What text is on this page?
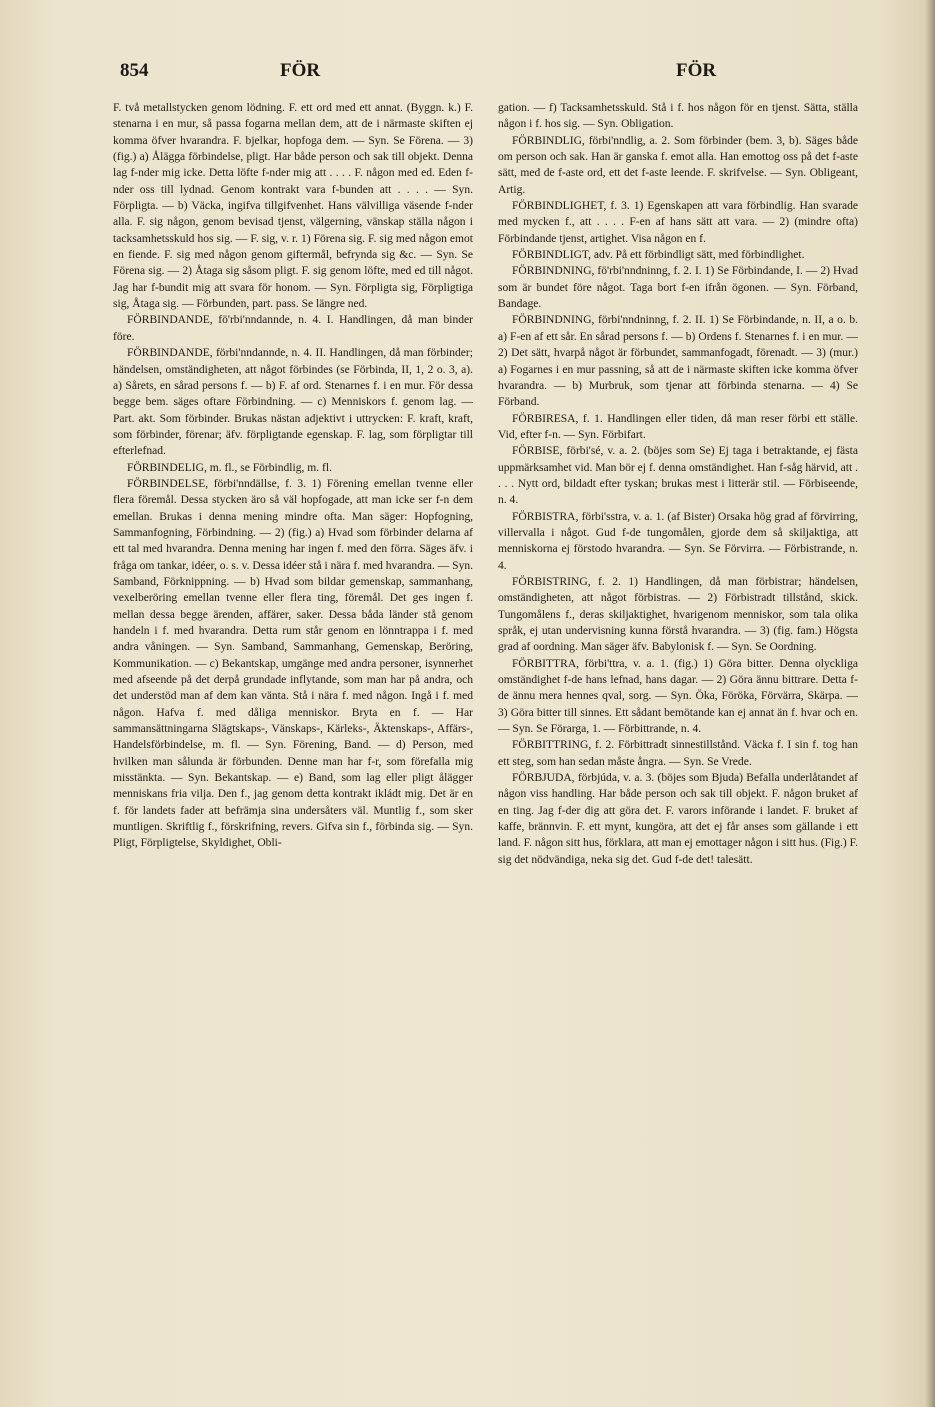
854	FÖR	FÖR

F. två metallstycken genom lödning. F. ett ord med ett annat. (Byggn. k.) F. stenarna i en mur, så passa fogarna mellan dem, att de i närmaste skiften ej komma öfver hvarandra. F. bjelkar, hopfoga dem. — Syn. Se Förena. — 3) (fig.) a) Ålägga förbindelse, pligt. Har både person och sak till objekt. Denna lag f-nder mig icke. Detta löfte f-nder mig att . . . . F. någon med ed. Eden f-nder oss till lydnad. Genom kontrakt vara f-bunden att . . . . — Syn. Förpligta. — b) Väcka, ingifva tillgifvenhet. Hans välvilliga väsende f-nder alla. F. sig någon, genom bevisad tjenst, välgerning, vänskap ställa någon i tacksamhetsskuld hos sig. — F. sig, v. r. 1) Förena sig. F. sig med någon emot en fiende. F. sig med någon genom giftermål, befrynda sig &c. — Syn. Se Förena sig. — 2) Åtaga sig såsom pligt. F. sig genom löfte, med ed till något. Jag har f-bundit mig att svara för honom. — Syn. Förpligta sig, Förpligtiga sig, Åtaga sig. — Förbunden, part. pass. Se längre ned.

FÖRBINDANDE, fö'rbi'nndannde, n. 4. I. Handlingen, då man binder före.

FÖRBINDANDE, förbi'nndannde, n. 4. II. Handlingen, då man förbinder; händelsen, omständigheten, att något förbindes (se Förbinda, II, 1, 2 o. 3, a). a) Sårets, en sårad persons f. — b) F. af ord. Stenarnes f. i en mur. För dessa begge bem. säges oftare Förbindning. — c) Menniskors f. genom lag. — Part. akt. Som förbinder. Brukas nästan adjektivt i uttrycken: F. kraft, kraft, som förbinder, förenar; äfv. förpligtande egenskap. F. lag, som förpligtar till efterlefnad.

FÖRBINDELIG, m. fl., se Förbindlig, m. fl.

FÖRBINDELSE, förbi'nndällse, f. 3. 1) Förening emellan tvenne eller flera föremål. Dessa stycken äro så väl hopfogade, att man icke ser f-n dem emellan. Brukas i denna mening mindre ofta. Man säger: Hopfogning, Sammanfogning, Förbindning. — 2) (fig.) a) Hvad som förbinder delarna af ett tal med hvarandra. Denna mening har ingen f. med den förra. Säges äfv. i fråga om tankar, idéer, o. s. v. Dessa idéer stå i nära f. med hvarandra. — Syn. Samband, Förknippning. — b) Hvad som bildar gemenskap, sammanhang, vexelberöring emellan tvenne eller flera ting, föremål. Det ges ingen f. mellan dessa begge ärenden, affärer, saker. Dessa båda länder stå genom handeln i f. med hvarandra. Detta rum står genom en lönntrappa i f. med andra våningen. — Syn. Samband, Sammanhang, Gemenskap, Beröring, Kommunikation. — c) Bekantskap, umgänge med andra personer, isynnerhet med afseende på det derpå grundade inflytande, som man har på andra, och det understöd man af dem kan vänta. Stå i nära f. med någon. Ingå i f. med någon. Hafva f. med dåliga menniskor. Bryta en f. — Har sammansättningarna Slägtskaps-, Vänskaps-, Kärleks-, Äktenskaps-, Affärs-, Handelsförbindelse, m. fl. — Syn. Förening, Band. — d) Person, med hvilken man sålunda är förbunden. Denne man har f-r, som förefalla mig misstänkta. — Syn. Bekantskap. — e) Band, som lag eller pligt ålägger menniskans fria vilja. Den f., jag genom detta kontrakt ikládt mig. Det är en f. för landets fader att befrämja sina undersåters väl. Muntlig f., som sker muntligen. Skriftlig f., förskrifning, revers. Gifva sin f., förbinda sig. — Syn. Pligt, Förpligtelse, Skyldighet, Obli-

gation. — f) Tacksamhetsskuld. Stå i f. hos någon för en tjenst. Sätta, ställa någon i f. hos sig. — Syn. Obligation.

FÖRBINDLIG, förbi'nndlig, a. 2. Som förbinder (bem. 3, b). Säges både om person och sak. Han är ganska f. emot alla. Han emottog oss på det f-aste sätt, med de f-aste ord, ett det f-aste leende. F. skrifvelse. — Syn. Obligeant, Artig.

FÖRBINDLIGHET, f. 3. 1) Egenskapen att vara förbindlig. Han svarade med mycken f., att . . . . F-en af hans sätt att vara. — 2) (mindre ofta) Förbindande tjenst, artighet. Visa någon en f.

FÖRBINDLIGT, adv. På ett förbindligt sätt, med förbindlighet.

FÖRBINDNING, fö'rbi'nndninng, f. 2. I. 1) Se Förbindande, I. — 2) Hvad som är bundet före något. Taga bort f-en ifrån ögonen. — Syn. Förband, Bandage.

FÖRBINDNING, förbi'nndninng, f. 2. II. 1) Se Förbindande, n. II, a o. b. a) F-en af ett sår. En sårad persons f. — b) Ordens f. Stenarnes f. i en mur. — 2) Det sätt, hvarpå något är förbundet, sammanfogadt, förenadt. — 3) (mur.) a) Fogarnes i en mur passning, så att de i närmaste skiften icke komma öfver hvarandra. — b) Murbruk, som tjenar att förbinda stenarna. — 4) Se Förband.

FÖRBIRESA, f. 1. Handlingen eller tiden, då man reser förbi ett ställe. Vid, efter f-n. — Syn. Förbifart.

FÖRBISE, förbi'sé, v. a. 2. (böjes som Se) Ej taga i betraktande, ej fästa uppmärksamhet vid. Man bör ej f. denna omständighet. Han f-såg härvid, att . . . . Nytt ord, bildadt efter tyskan; brukas mest i litterär stil. — Förbiseende, n. 4.

FÖRBISTRA, förbi'sstra, v. a. 1. (af Bister) Orsaka hög grad af förvirring, villervalla i något. Gud f-de tungomålen, gjorde dem så skiljaktiga, att menniskorna ej förstodo hvarandra. — Syn. Se Förvirra. — Förbistrande, n. 4.

FÖRBISTRING, f. 2. 1) Handlingen, då man förbistrar; händelsen, omständigheten, att något förbistras. — 2) Förbistradt tillstånd, skick. Tungomålens f., deras skiljaktighet, hvarigenom menniskor, som tala olika språk, ej utan undervisning kunna förstå hvarandra. — 3) (fig. fam.) Högsta grad af oordning. Man säger äfv. Babylonisk f. — Syn. Se Oordning.

FÖRBITTRA, förbi'ttra, v. a. 1. (fig.) 1) Göra bitter. Denna olyckliga omständighet f-de hans lefnad, hans dagar. — 2) Göra ännu bittrare. Detta f-de ännu mera hennes qval, sorg. — Syn. Öka, Föröka, Förvärra, Skärpa. — 3) Göra bitter till sinnes. Ett sådant bemötande kan ej annat än f. hvar och en. — Syn. Se Förarga, 1. — Förbittrande, n. 4.

FÖRBITTRING, f. 2. Förbittradt sinnestillstånd. Väcka f. I sin f. tog han ett steg, som han sedan måste ångra. — Syn. Se Vrede.

FÖRBJUDA, förbjúda, v. a. 3. (böjes som Bjuda) Befalla underlåtandet af någon viss handling. Har både person och sak till objekt. F. någon bruket af en ting. Jag f-der dig att göra det. F. varors införande i landet. F. bruket af kaffe, brännvin. F. ett mynt, kungöra, att det ej får anses som gällande i ett land. F. någon sitt hus, förklara, att man ej emottager någon i sitt hus. (Fig.) F. sig det nödvändiga, neka sig det. Gud f-de det! talesätt.
